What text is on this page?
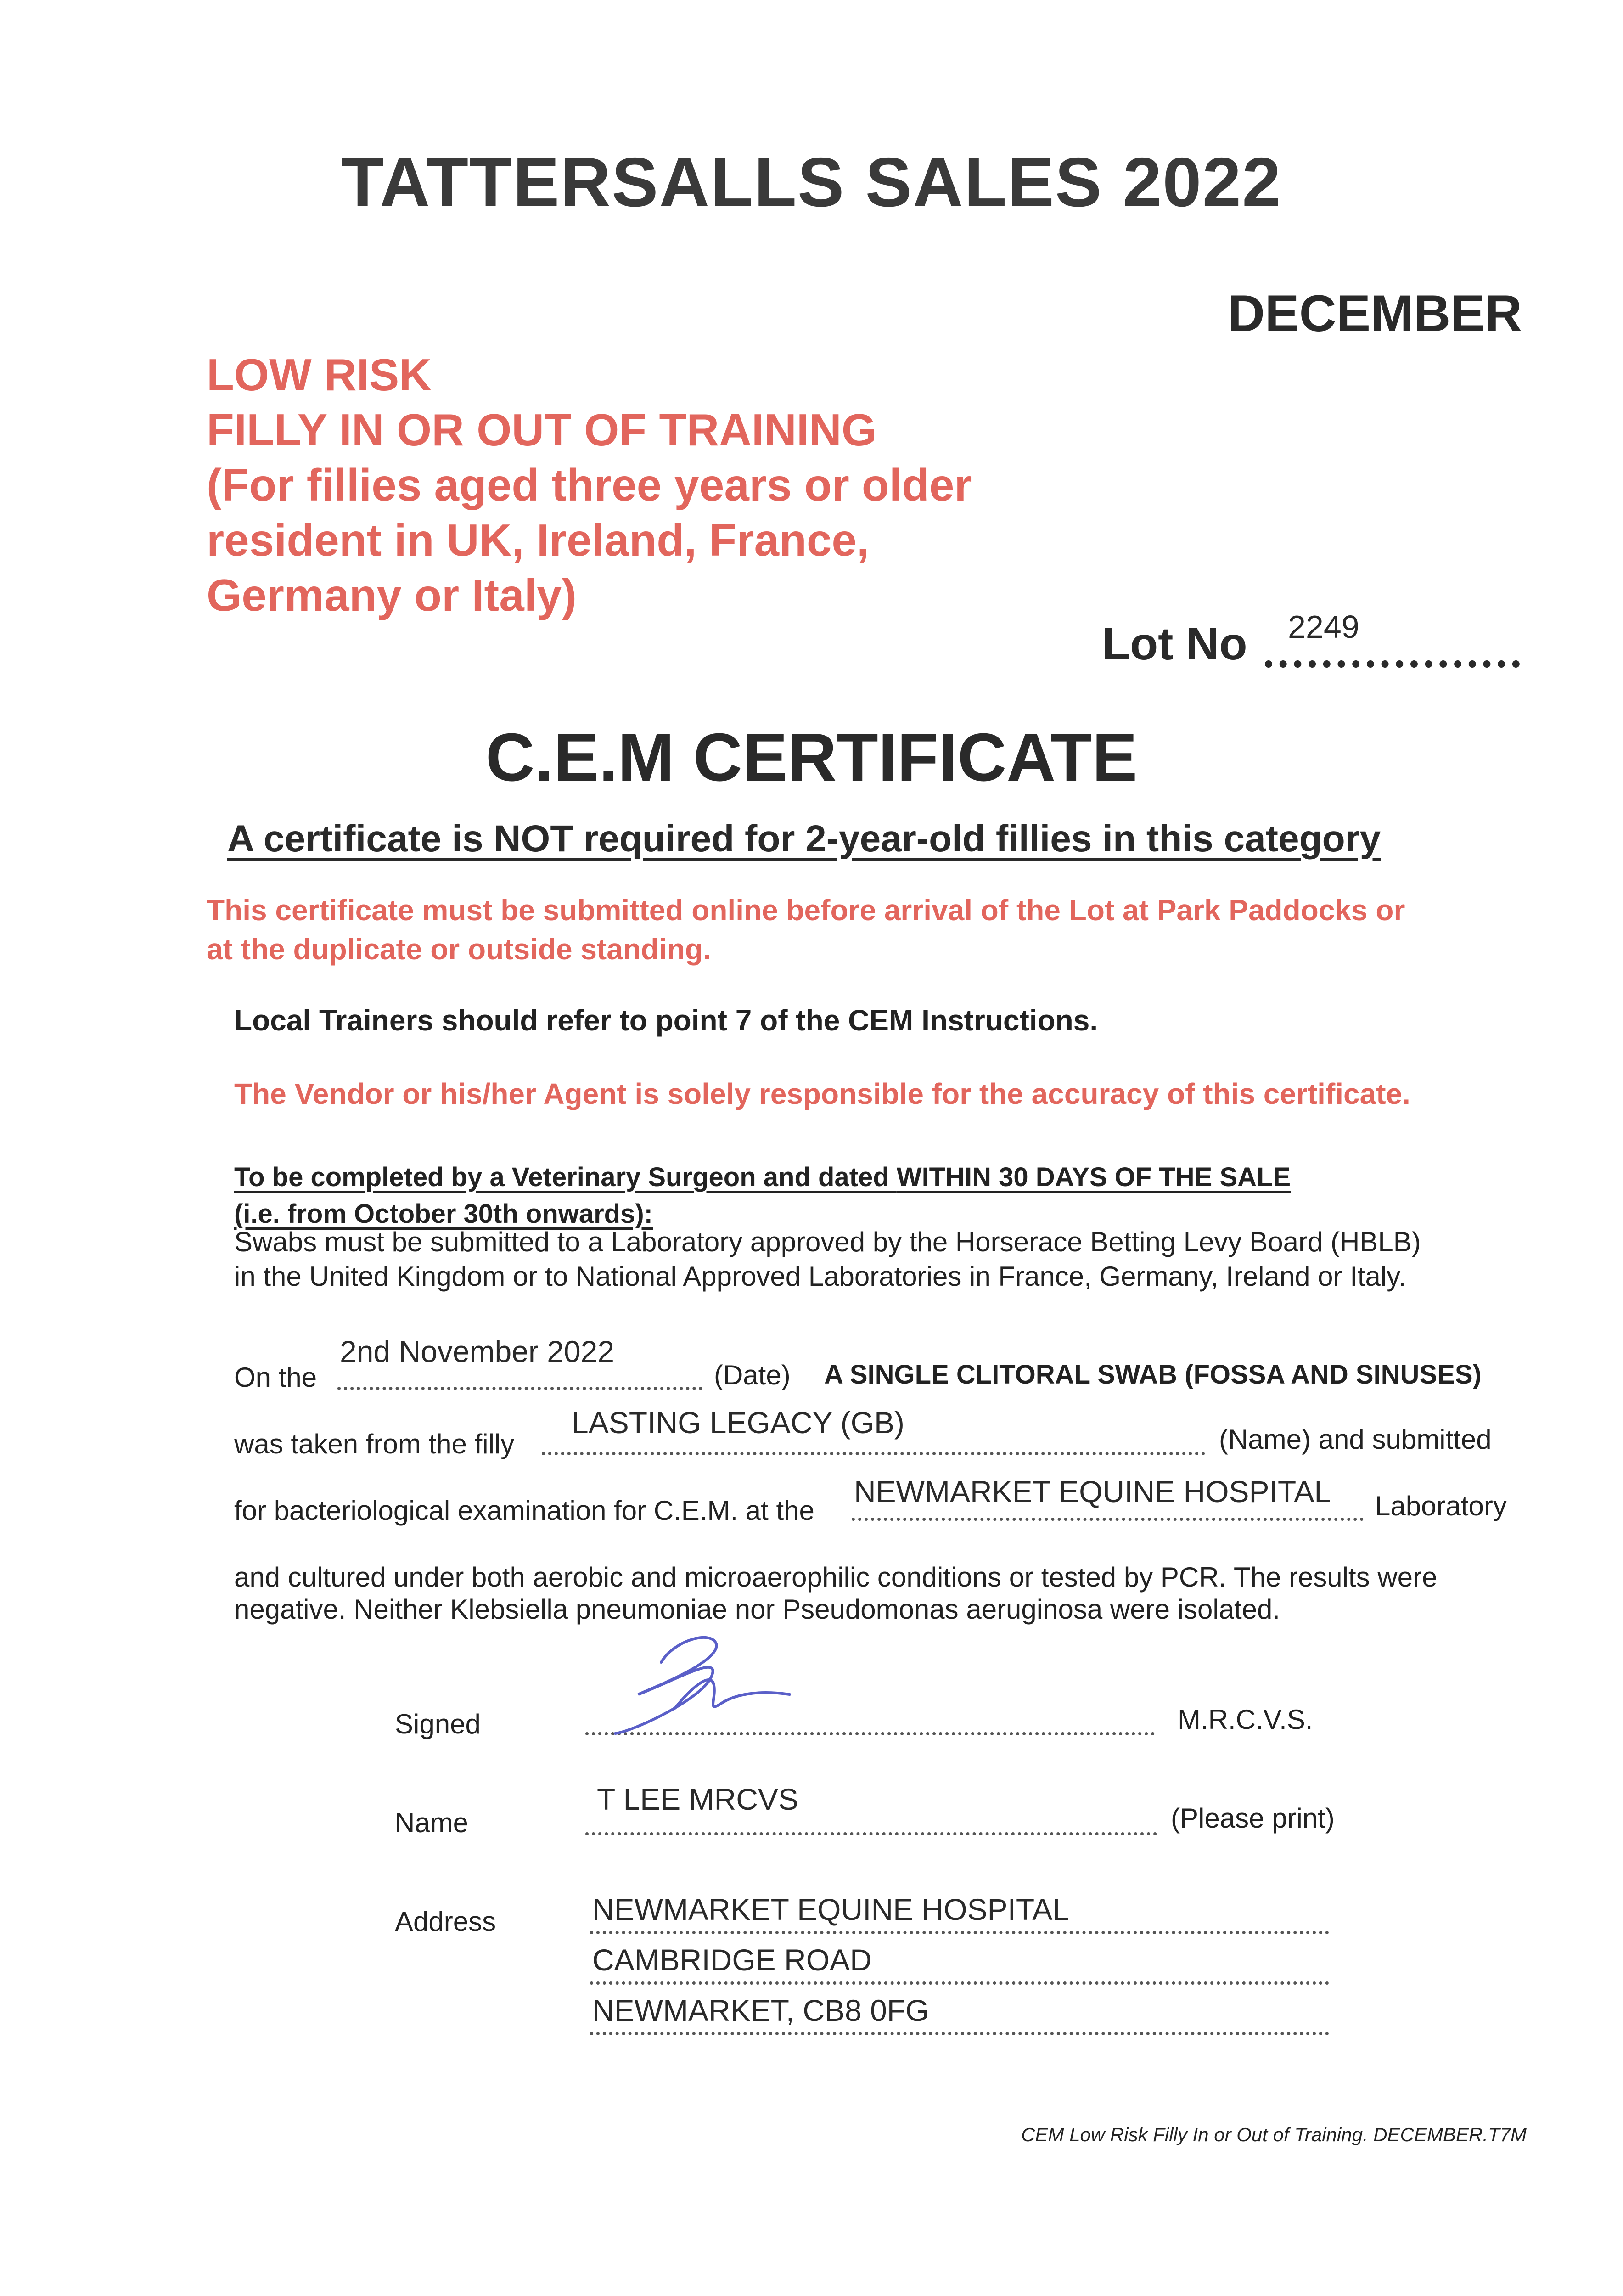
TATTERSALLS SALES 2022
DECEMBER
LOW RISK
FILLY IN OR OUT OF TRAINING
(For fillies aged three years or older
resident in UK, Ireland, France,
Germany or Italy)
Lot No 2249
C.E.M CERTIFICATE
A certificate is NOT required for 2-year-old fillies in this category
This certificate must be submitted online before arrival of the Lot at Park Paddocks or
at the duplicate or outside standing.
Local Trainers should refer to point 7 of the CEM Instructions.
The Vendor or his/her Agent is solely responsible for the accuracy of this certificate.
To be completed by a Veterinary Surgeon and dated WITHIN 30 DAYS OF THE SALE
(i.e. from October 30th onwards):
Swabs must be submitted to a Laboratory approved by the Horserace Betting Levy Board (HBLB)
in the United Kingdom or to National Approved Laboratories in France, Germany, Ireland or Italy.
On the
2nd November 2022
(Date) A SINGLE CLITORAL SWAB (FOSSA AND SINUSES)
was taken from the filly
LASTING LEGACY (GB)	(Name) and submitted
for bacteriological examination for C.E.M. at the
NEWMARKET EQUINE HOSPITAL Laboratory
and cultured under both aerobic and microaerophilic conditions or tested by PCR. The results were
negative. Neither Klebsiella pneumoniae nor Pseudomonas aeruginosa were isolated.
Signed	M.R.C.V.S.
Name
T LEE MRCVS
(Please print)
Address	NEWMARKET EQUINE HOSPITAL
CAMBRIDGE ROAD
NEWMARKET, CB8 0FG
CEM Low Risk Filly In or Out of Training. DECEMBER.T7M
